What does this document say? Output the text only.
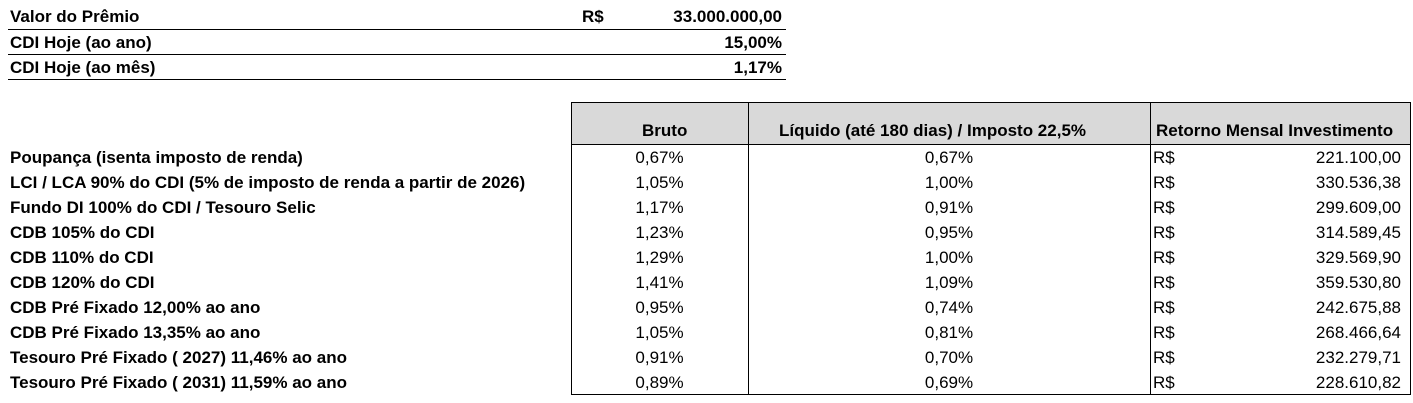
Valor do Prêmio	R$	33.000.000,00
CDI Hoje (ao ano)	15,00%
CDI Hoje (ao mês)	1,17%
Bruto	Líquido (até 180 dias) / Imposto 22,5%	Retorno Mensal Investimento
Poupança (isenta imposto de renda)	0,67%	0,67%	R$	221.100,00
LCI / LCA 90% do CDI (5% de imposto de renda a partir de 2026)	1,05%	1,00%	R$	330.536,38
Fundo DI 100% do CDI / Tesouro Selic	1,17%	0,91%	R$	299.609,00
CDB 105% do CDI	1,23%	0,95%	R$	314.589,45
CDB 110% do CDI	1,29%	1,00%	R$	329.569,90
CDB 120% do CDI	1,41%	1,09%	R$	359.530,80
CDB Pré Fixado 12,00% ao ano	0,95%	0,74%	R$	242.675,88
CDB Pré Fixado 13,35% ao ano	1,05%	0,81%	R$	268.466,64
Tesouro Pré Fixado ( 2027) 11,46% ao ano	0,91%	0,70%	R$	232.279,71
Tesouro Pré Fixado ( 2031) 11,59% ao ano	0,89%	0,69%	R$	228.610,82
